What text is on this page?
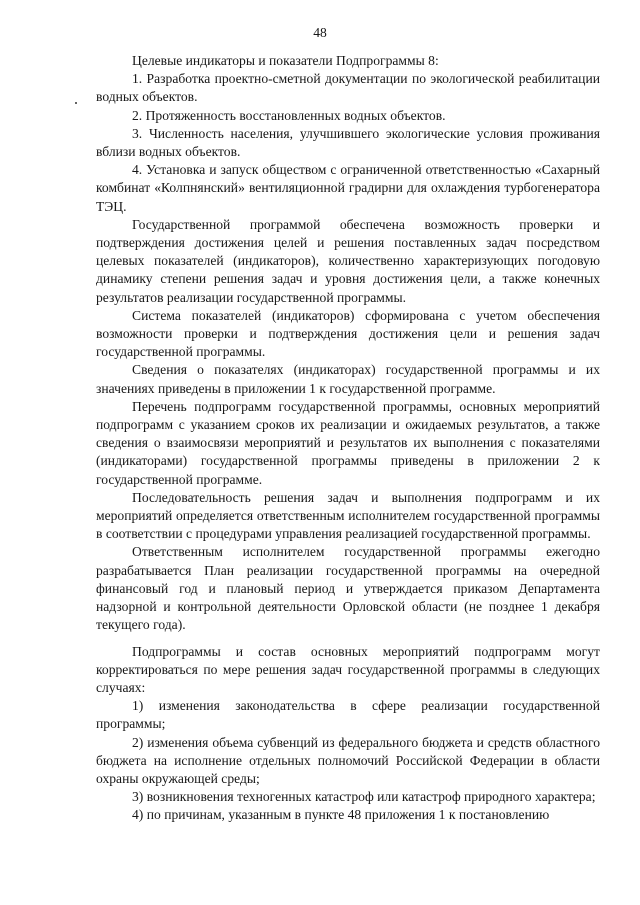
48

Целевые индикаторы и показатели Подпрограммы 8:

1. Разработка проектно-сметной документации по экологической реабилитации водных объектов.

2. Протяженность восстановленных водных объектов.

3. Численность населения, улучшившего экологические условия проживания вблизи водных объектов.

4. Установка и запуск обществом с ограниченной ответственностью «Сахарный комбинат «Колпнянский» вентиляционной градирни для охлаждения турбогенератора ТЭЦ.

Государственной программой обеспечена возможность проверки и подтверждения достижения целей и решения поставленных задач посредством целевых показателей (индикаторов), количественно характеризующих погодовую динамику степени решения задач и уровня достижения цели, а также конечных результатов реализации государственной программы.

Система показателей (индикаторов) сформирована с учетом обеспечения возможности проверки и подтверждения достижения цели и решения задач государственной программы.

Сведения о показателях (индикаторах) государственной программы и их значениях приведены в приложении 1 к государственной программе.

Перечень подпрограмм государственной программы, основных мероприятий подпрограмм с указанием сроков их реализации и ожидаемых результатов, а также сведения о взаимосвязи мероприятий и результатов их выполнения с показателями (индикаторами) государственной программы приведены в приложении 2 к государственной программе.

Последовательность решения задач и выполнения подпрограмм и их мероприятий определяется ответственным исполнителем государственной программы в соответствии с процедурами управления реализацией государственной программы.

Ответственным исполнителем государственной программы ежегодно разрабатывается План реализации государственной программы на очередной финансовый год и плановый период и утверждается приказом Департамента надзорной и контрольной деятельности Орловской области (не позднее 1 декабря текущего года).

Подпрограммы и состав основных мероприятий подпрограмм могут корректироваться по мере решения задач государственной программы в следующих случаях:

1) изменения законодательства в сфере реализации государственной программы;

2) изменения объема субвенций из федерального бюджета и средств областного бюджета на исполнение отдельных полномочий Российской Федерации в области охраны окружающей среды;

3) возникновения техногенных катастроф или катастроф природного характера;

4) по причинам, указанным в пункте 48 приложения 1 к постановлению
